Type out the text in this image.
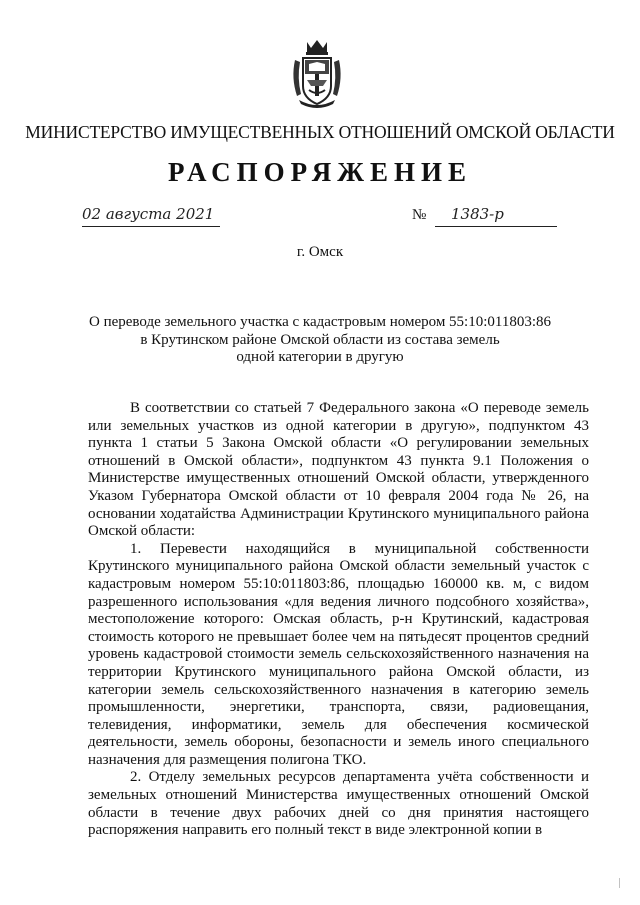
МИНИСТЕРСТВО ИМУЩЕСТВЕННЫХ ОТНОШЕНИЙ ОМСКОЙ ОБЛАСТИ
РАСПОРЯЖЕНИЕ
02 августа 2021	№ 1383-р
г. Омск
О переводе земельного участка с кадастровым номером 55:10:011803:86
в Крутинском районе Омской области из состава земель
одной категории в другую

В соответствии со статьей 7 Федерального закона «О переводе земель или земельных участков из одной категории в другую», подпунктом 43 пункта 1 статьи 5 Закона Омской области «О регулировании земельных отношений в Омской области», подпунктом 43 пункта 9.1 Положения о Министерстве имущественных отношений Омской области, утвержденного Указом Губернатора Омской области от 10 февраля 2004 года № 26, на основании ходатайства Администрации Крутинского муниципального района Омской области:

1. Перевести находящийся в муниципальной собственности Крутинского муниципального района Омской области земельный участок с кадастровым номером 55:10:011803:86, площадью 160000 кв. м, с видом разрешенного использования «для ведения личного подсобного хозяйства», местоположение которого: Омская область, р-н Крутинский, кадастровая стоимость которого не превышает более чем на пятьдесят процентов средний уровень кадастровой стоимости земель сельскохозяйственного назначения на территории Крутинского муниципального района Омской области, из категории земель сельскохозяйственного назначения в категорию земель промышленности, энергетики, транспорта, связи, радиовещания, телевидения, информатики, земель для обеспечения космической деятельности, земель обороны, безопасности и земель иного специального назначения для размещения полигона ТКО.

2. Отделу земельных ресурсов департамента учёта собственности и земельных отношений Министерства имущественных отношений Омской области в течение двух рабочих дней со дня принятия настоящего распоряжения направить его полный текст в виде электронной копии в
